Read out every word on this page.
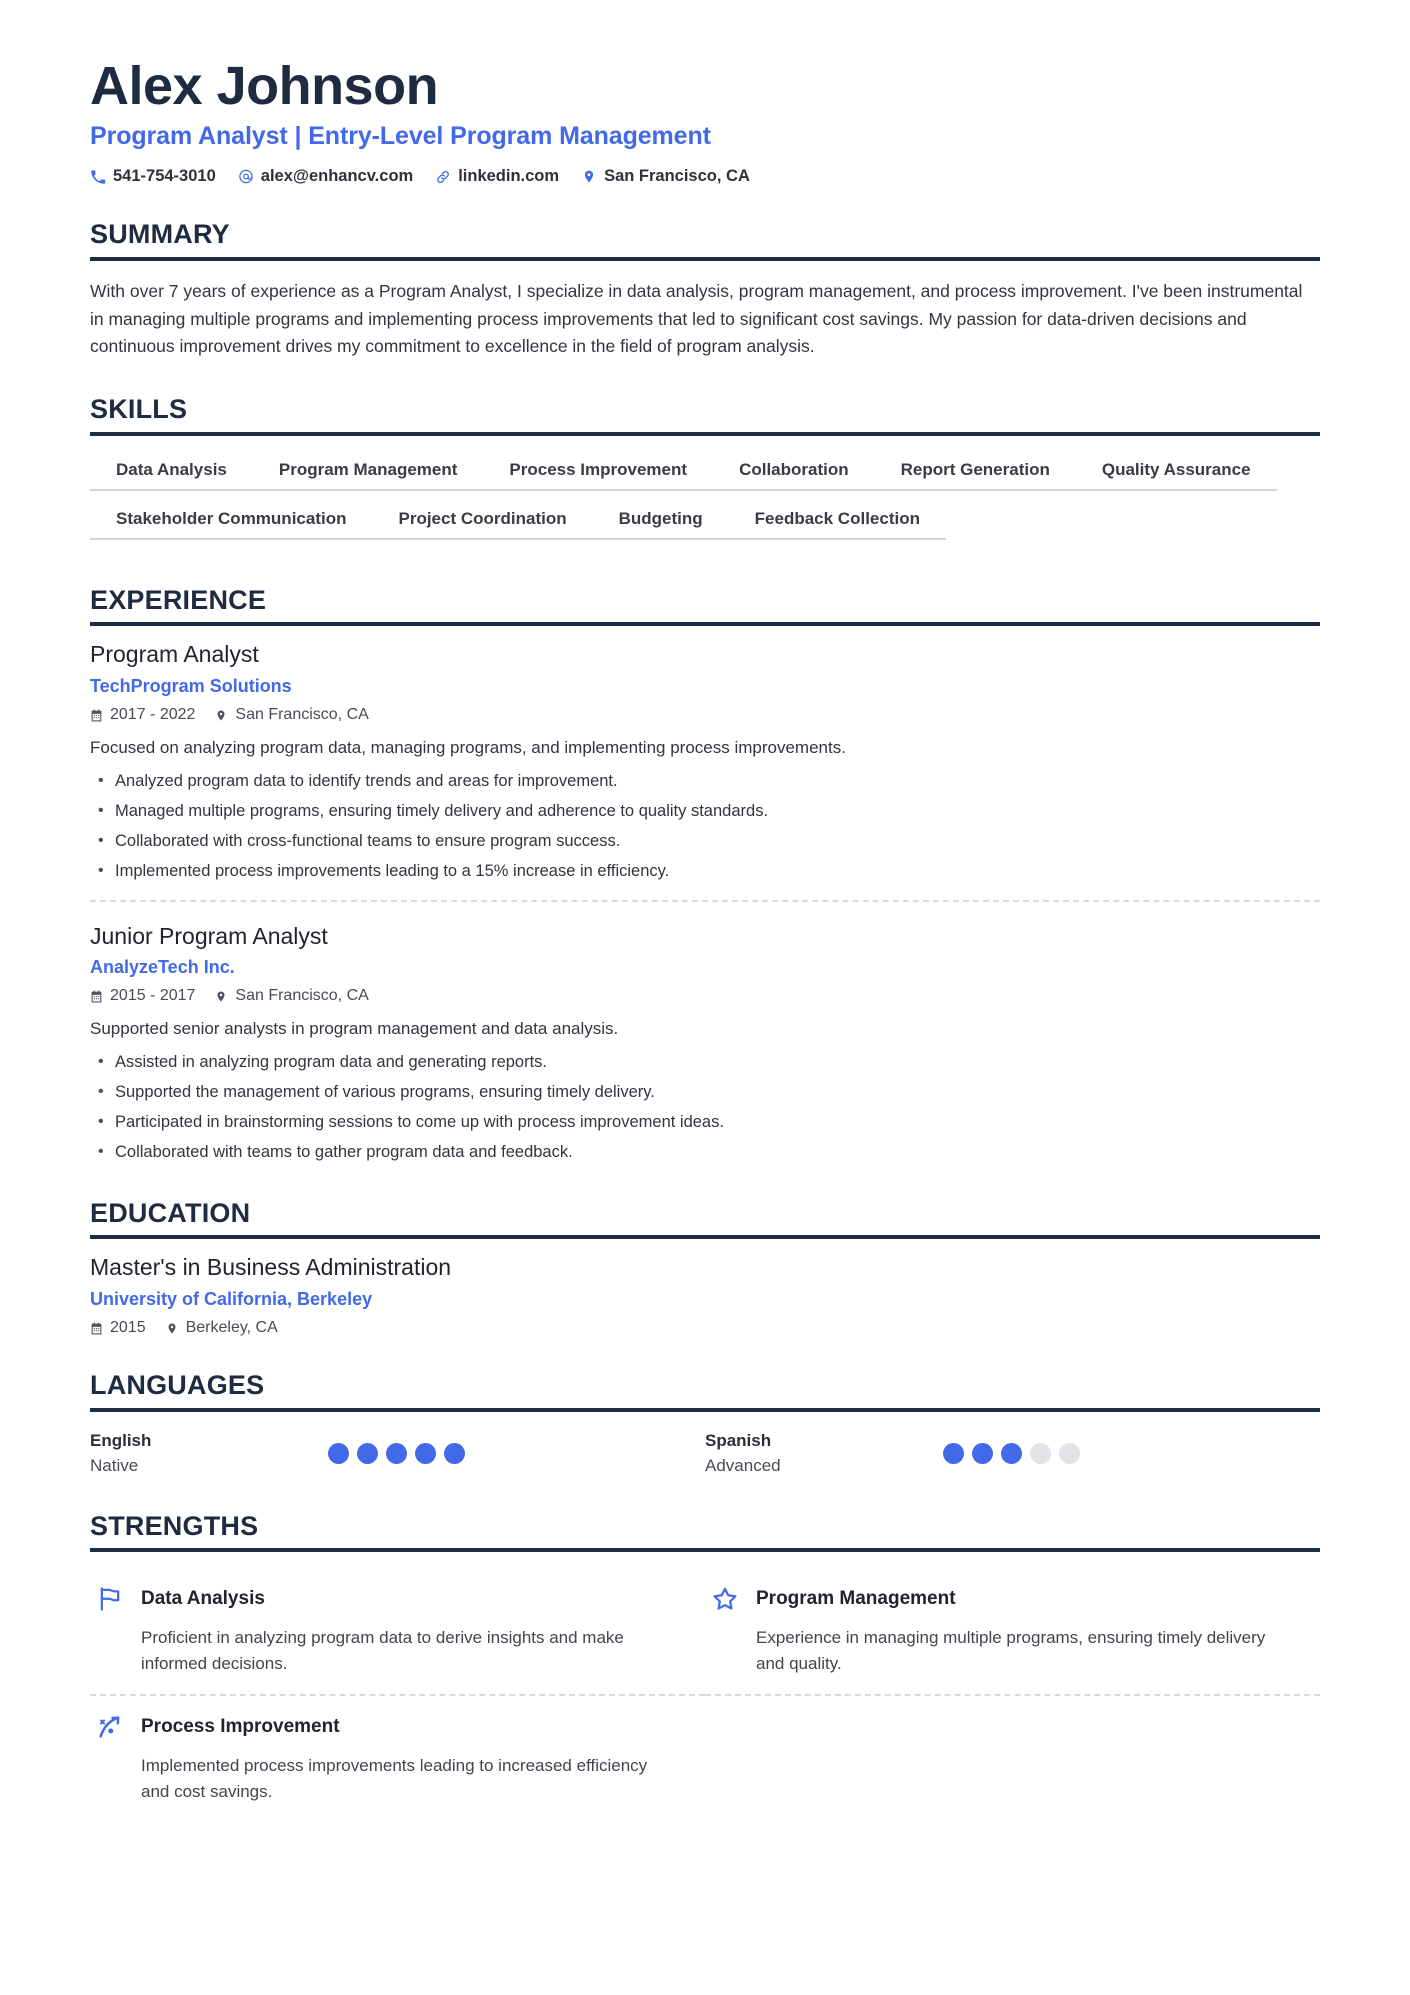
Alex Johnson
Program Analyst | Entry-Level Program Management
541-754-3010	alex@enhancv.com	linkedin.com	San Francisco, CA
SUMMARY

With over 7 years of experience as a Program Analyst, I specialize in data analysis, program management, and process improvement. I've been instrumental in managing multiple programs and implementing process improvements that led to significant cost savings. My passion for data-driven decisions and continuous improvement drives my commitment to excellence in the field of program analysis.

SKILLS
Data Analysis	Program Management	Process Improvement	Collaboration	Report Generation	Quality Assurance
Stakeholder Communication	Project Coordination	Budgeting	Feedback Collection
EXPERIENCE
Program Analyst
TechProgram Solutions
2017 - 2022	San Francisco, CA

Focused on analyzing program data, managing programs, and implementing process improvements.

• Analyzed program data to identify trends and areas for improvement.
• Managed multiple programs, ensuring timely delivery and adherence to quality standards.
• Collaborated with cross-functional teams to ensure program success.
• Implemented process improvements leading to a 15% increase in efficiency.
Junior Program Analyst
AnalyzeTech Inc.
2015 - 2017	San Francisco, CA

Supported senior analysts in program management and data analysis.

• Assisted in analyzing program data and generating reports.
• Supported the management of various programs, ensuring timely delivery.
• Participated in brainstorming sessions to come up with process improvement ideas.
• Collaborated with teams to gather program data and feedback.
EDUCATION
Master's in Business Administration
University of California, Berkeley
2015	Berkeley, CA
LANGUAGES
English
Native
Spanish
Advanced
STRENGTHS
Data Analysis

Proficient in analyzing program data to derive insights and make informed decisions.

Program Management

Experience in managing multiple programs, ensuring timely delivery and quality.

Process Improvement

Implemented process improvements leading to increased efficiency and cost savings.
